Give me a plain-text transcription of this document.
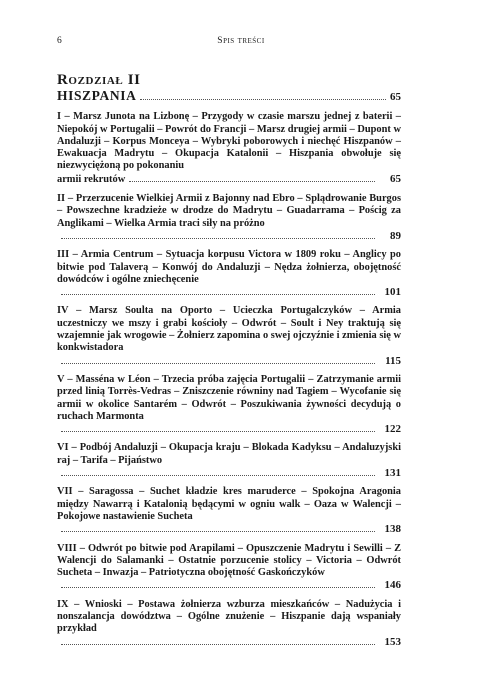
6	Spis treści
Rozdział II
HISZPANIA	65
I – Marsz Junota na Lizbonę – Przygody w czasie marszu jednej z baterii – Niepokój w Portugalii – Powrót do Francji – Marsz drugiej armii – Dupont w Andaluzji – Korpus Monceya – Wybryki poborowych i niechęć Hiszpanów – Ewakuacja Madrytu – Okupacja Katalonii – Hiszpania obwołuje się niezwyciężoną po pokonaniu
armii rekrutów	65
II – Przerzucenie Wielkiej Armii z Bajonny nad Ebro – Splądrowanie Burgos – Powszechne kradzieże w drodze do Madrytu – Guadarrama – Pościg za Anglikami – Wielka Armia traci siły na próżno
89
III – Armia Centrum – Sytuacja korpusu Victora w 1809 roku – Anglicy po bitwie pod Talaverą – Konwój do Andaluzji – Nędza żołnierza, obojętność dowódców i ogólne zniechęcenie
101
IV – Marsz Soulta na Oporto – Ucieczka Portugalczyków – Armia uczestniczy we mszy i grabi kościoły – Odwrót – Soult i Ney traktują się wzajemnie jak wrogowie – Żołnierz zapomina o swej ojczyźnie i zmienia się w konkwistadora
115
V – Masséna w Léon – Trzecia próba zajęcia Portugalii – Zatrzymanie armii przed linią Torrès-Vedras – Zniszczenie równiny nad Tagiem – Wycofanie się armii w okolice Santarém – Odwrót – Poszukiwania żywności decydują o ruchach Marmonta
122
VI – Podbój Andaluzji – Okupacja kraju – Blokada Kadyksu – Andaluzyjski raj – Tarifa – Pijaństwo
131
VII – Saragossa – Suchet kładzie kres maruderce – Spokojna Aragonia między Nawarrą i Katalonią będącymi w ogniu walk – Oaza w Walencji – Pokojowe nastawienie Sucheta
138
VIII – Odwrót po bitwie pod Arapilami – Opuszczenie Madrytu i Sewilli – Z Walencji do Salamanki – Ostatnie porzucenie stolicy – Victoria – Odwrót Sucheta – Inwazja – Patriotyczna obojętność Gaskończyków
146
IX – Wnioski – Postawa żołnierza wzburza mieszkańców – Nadużycia i nonszalancja dowództwa – Ogólne znużenie – Hiszpanie dają wspaniały przykład
153
